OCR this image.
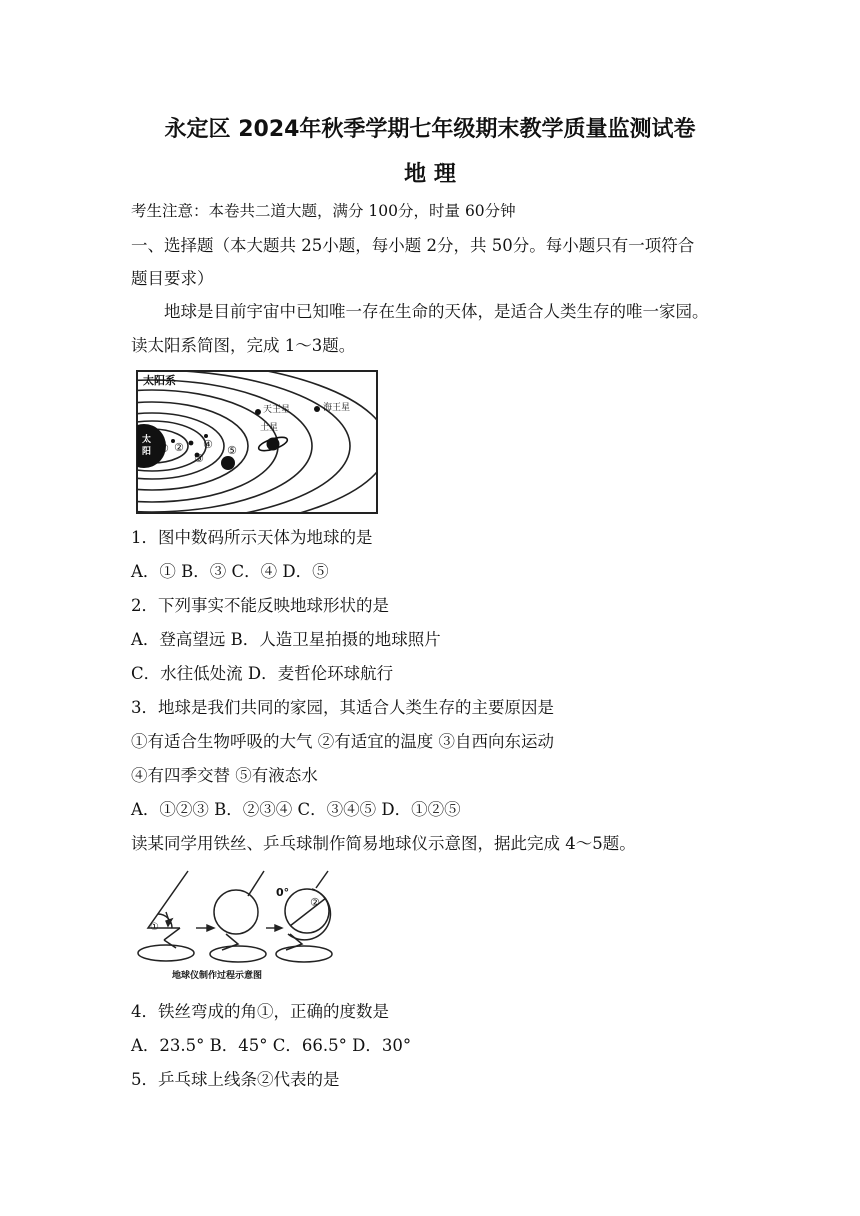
永定区 2024年秋季学期七年级期末教学质量监测试卷
地 理
考生注意：本卷共二道大题，满分 100分，时量 60分钟
一、选择题（本大题共 25小题，每小题 2分，共 50分。每小题只有一项符合
题目要求）
地球是目前宇宙中已知唯一存在生命的天体，是适合人类生存的唯一家园。
读太阳系简图，完成 1～3题。
太阳系
太
阳 ① ②
③
④ ⑤
土星
天王星	海王星
1．图中数码所示天体为地球的是
A．① B．③ C．④ D．⑤
2．下列事实不能反映地球形状的是
A．登高望远 B．人造卫星拍摄的地球照片
C．水往低处流 D．麦哲伦环球航行
3．地球是我们共同的家园，其适合人类生存的主要原因是
①有适合生物呼吸的大气 ②有适宜的温度 ③自西向东运动
④有四季交替 ⑤有液态水
A．①②③ B．②③④ C．③④⑤ D．①②⑤
读某同学用铁丝、乒乓球制作简易地球仪示意图，据此完成 4～5题。
①
0°
②
地球仪制作过程示意图
4．铁丝弯成的角①，正确的度数是
A．23.5° B．45° C．66.5° D．30°
5．乒乓球上线条②代表的是
